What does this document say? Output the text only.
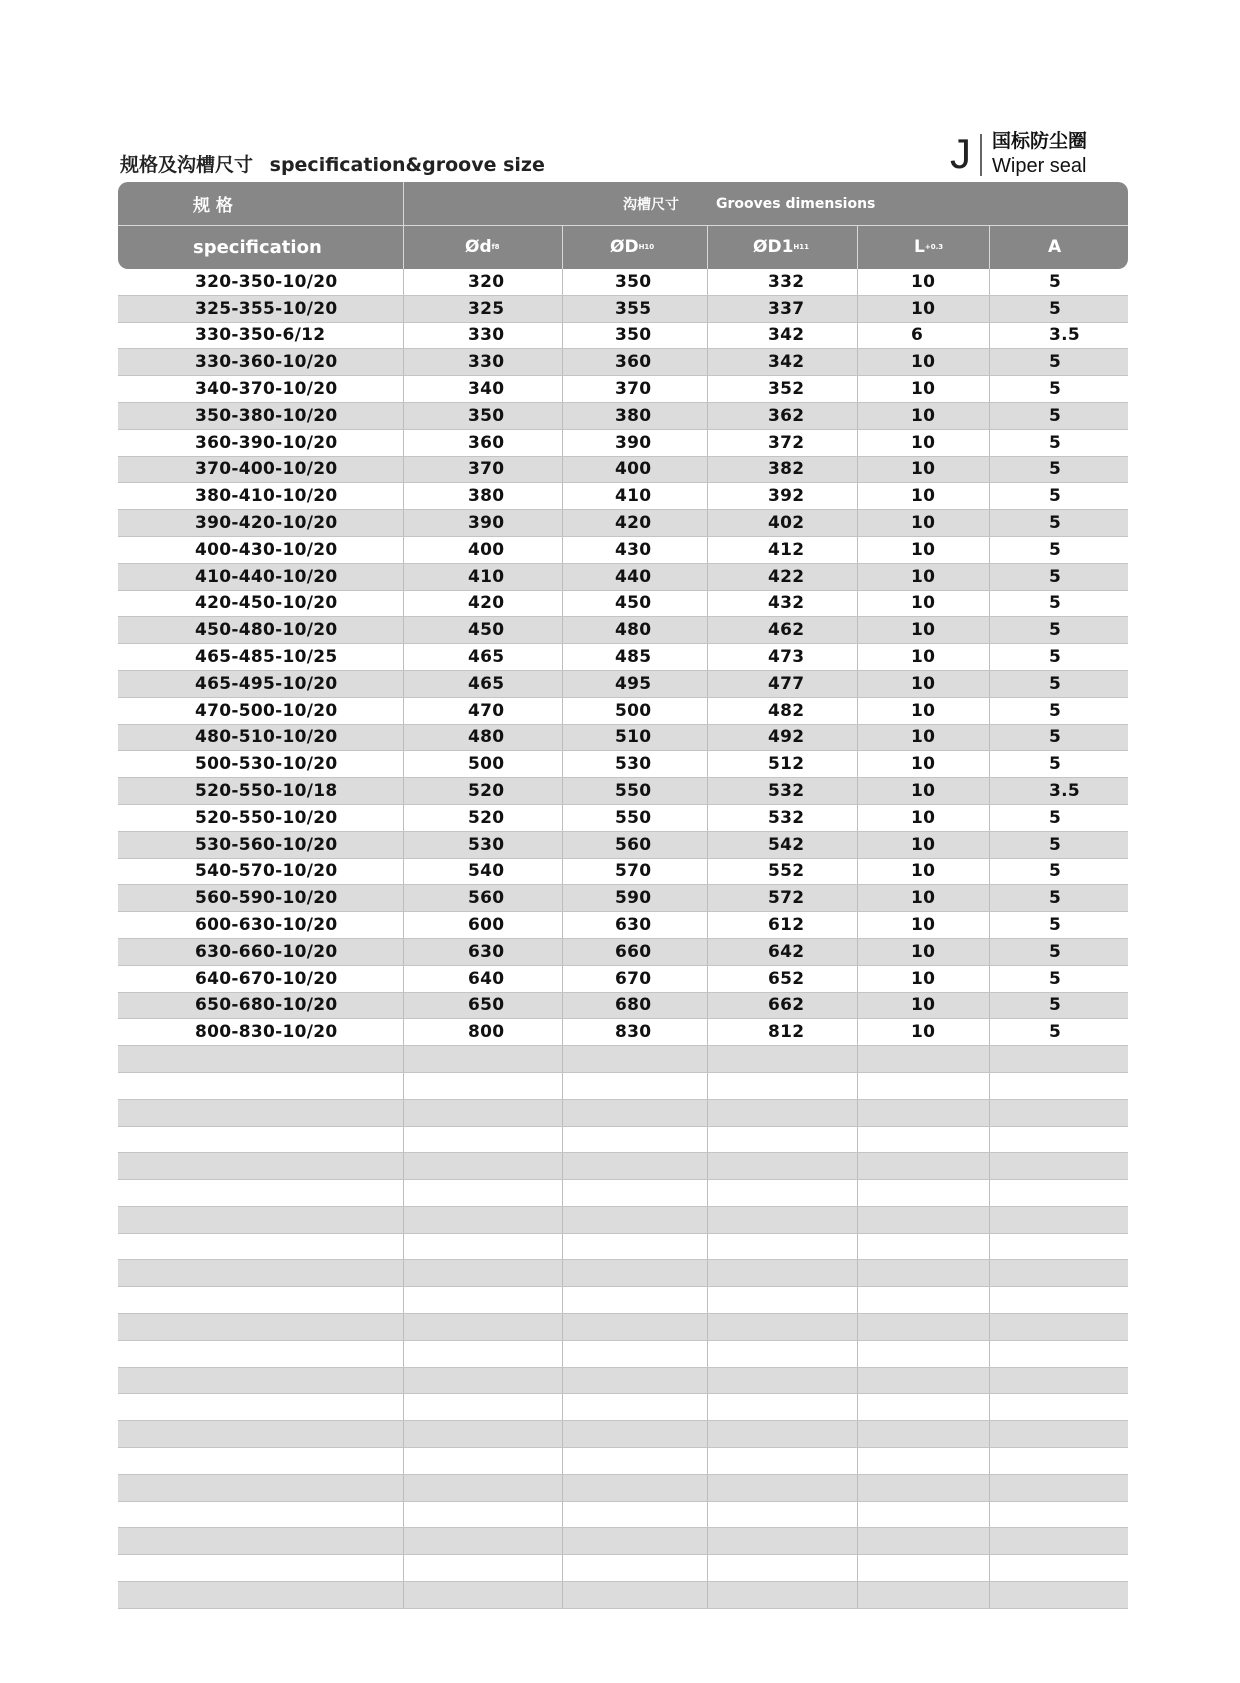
规格及沟槽尺寸 specification&groove size	J 国标防尘圈
Wiper seal
规 格
specification
沟槽尺寸	Grooves dimensions
Ød f8	ØD H10	ØD1 H11	L +0.3	A
320-350-10/20	320	350	332	10	5
325-355-10/20	325	355	337	10	5
330-350-6/12	330	350	342	6	3.5
330-360-10/20	330	360	342	10	5
340-370-10/20	340	370	352	10	5
350-380-10/20	350	380	362	10	5
360-390-10/20	360	390	372	10	5
370-400-10/20	370	400	382	10	5
380-410-10/20	380	410	392	10	5
390-420-10/20	390	420	402	10	5
400-430-10/20	400	430	412	10	5
410-440-10/20	410	440	422	10	5
420-450-10/20	420	450	432	10	5
450-480-10/20	450	480	462	10	5
465-485-10/25	465	485	473	10	5
465-495-10/20	465	495	477	10	5
470-500-10/20	470	500	482	10	5
480-510-10/20	480	510	492	10	5
500-530-10/20	500	530	512	10	5
520-550-10/18	520	550	532	10	3.5
520-550-10/20	520	550	532	10	5
530-560-10/20	530	560	542	10	5
540-570-10/20	540	570	552	10	5
560-590-10/20	560	590	572	10	5
600-630-10/20	600	630	612	10	5
630-660-10/20	630	660	642	10	5
640-670-10/20	640	670	652	10	5
650-680-10/20	650	680	662	10	5
800-830-10/20	800	830	812	10	5
